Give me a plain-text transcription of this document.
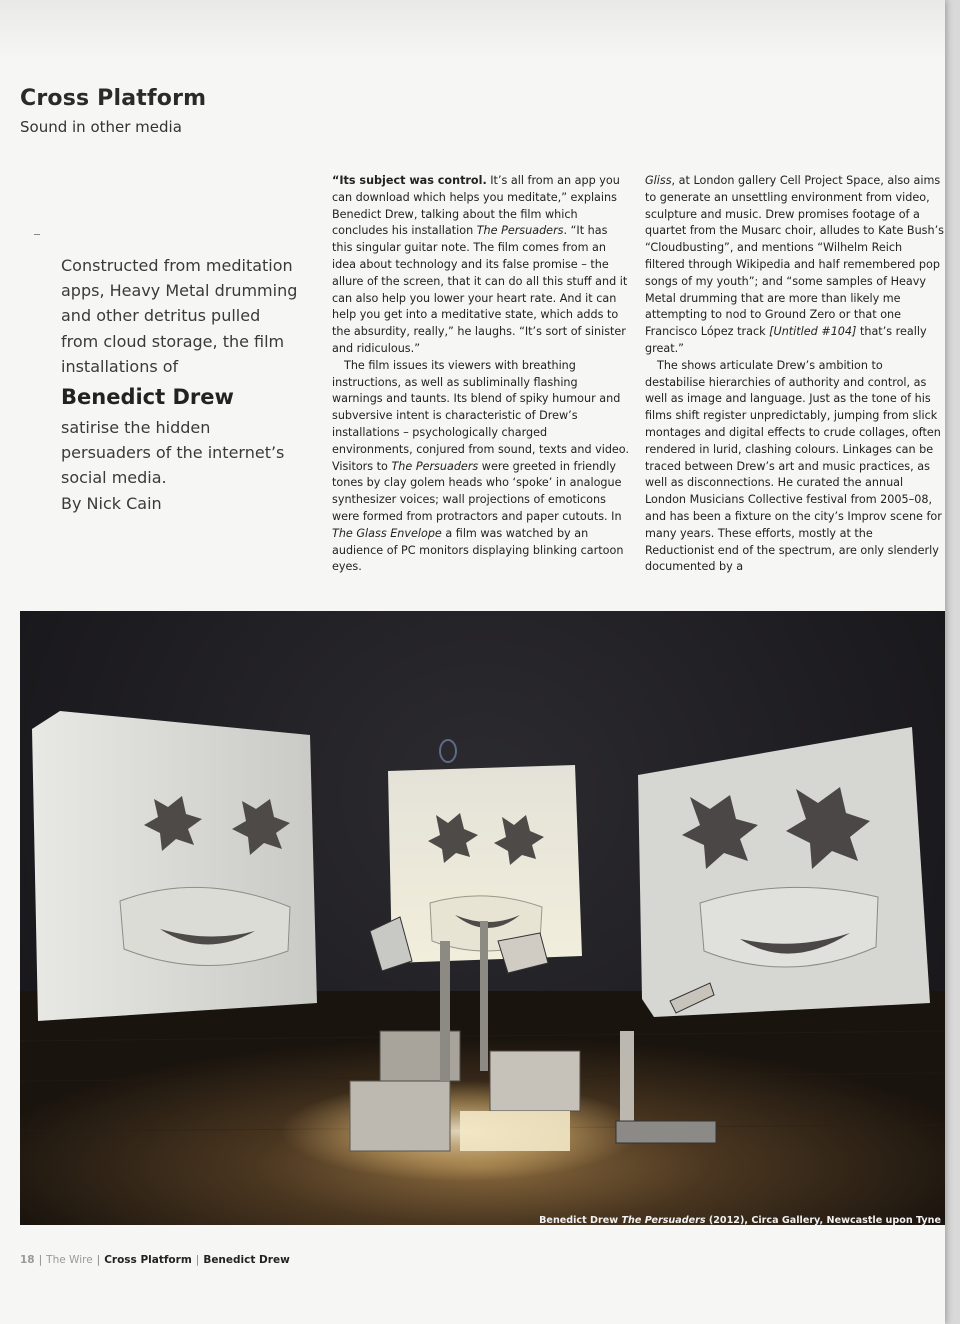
Cross Platform
Sound in other media
Constructed from meditation apps, Heavy Metal drumming and other detritus pulled from cloud storage, the film installations of
Benedict Drew
satirise the hidden persuaders of the internet’s social media.
By Nick Cain

“Its subject was control. It’s all from an app you can download which helps you meditate,” explains Benedict Drew, talking about the film which concludes his installation The Persuaders. “It has this singular guitar note. The film comes from an idea about technology and its false promise – the allure of the screen, that it can do all this stuff and it can also help you lower your heart rate. And it can help you get into a meditative state, which adds to the absurdity, really,” he laughs. “It’s sort of sinister and ridiculous.”

The film issues its viewers with breathing instructions, as well as subliminally flashing warnings and taunts. Its blend of spiky humour and subversive intent is characteristic of Drew’s installations – psychologically charged environments, conjured from sound, texts and video. Visitors to The Persuaders were greeted in friendly tones by clay golem heads who ‘spoke’ in analogue synthesizer voices; wall projections of emoticons were formed from protractors and paper cutouts. In The Glass Envelope a film was watched by an audience of PC monitors displaying blinking cartoon eyes.

Gliss, at London gallery Cell Project Space, also aims to generate an unsettling environment from video, sculpture and music. Drew promises footage of a quartet from the Musarc choir, alludes to Kate Bush’s “Cloudbusting”, and mentions “Wilhelm Reich filtered through Wikipedia and half remembered pop songs of my youth”; and “some samples of Heavy Metal drumming that are more than likely me attempting to nod to Ground Zero or that one Francisco López track [Untitled #104] that’s really great.”

The shows articulate Drew’s ambition to destabilise hierarchies of authority and control, as well as image and language. Just as the tone of his films shift register unpredictably, jumping from slick montages and digital effects to crude collages, often rendered in lurid, clashing colours. Linkages can be traced between Drew’s art and music practices, as well as disconnections. He curated the annual London Musicians Collective festival from 2005–08, and has been a fixture on the city’s Improv scene for many years. These efforts, mostly at the Reductionist end of the spectrum, are only slenderly documented by a

Benedict Drew The Persuaders (2012), Circa Gallery, Newcastle upon Tyne
18 | The Wire | Cross Platform | Benedict Drew
